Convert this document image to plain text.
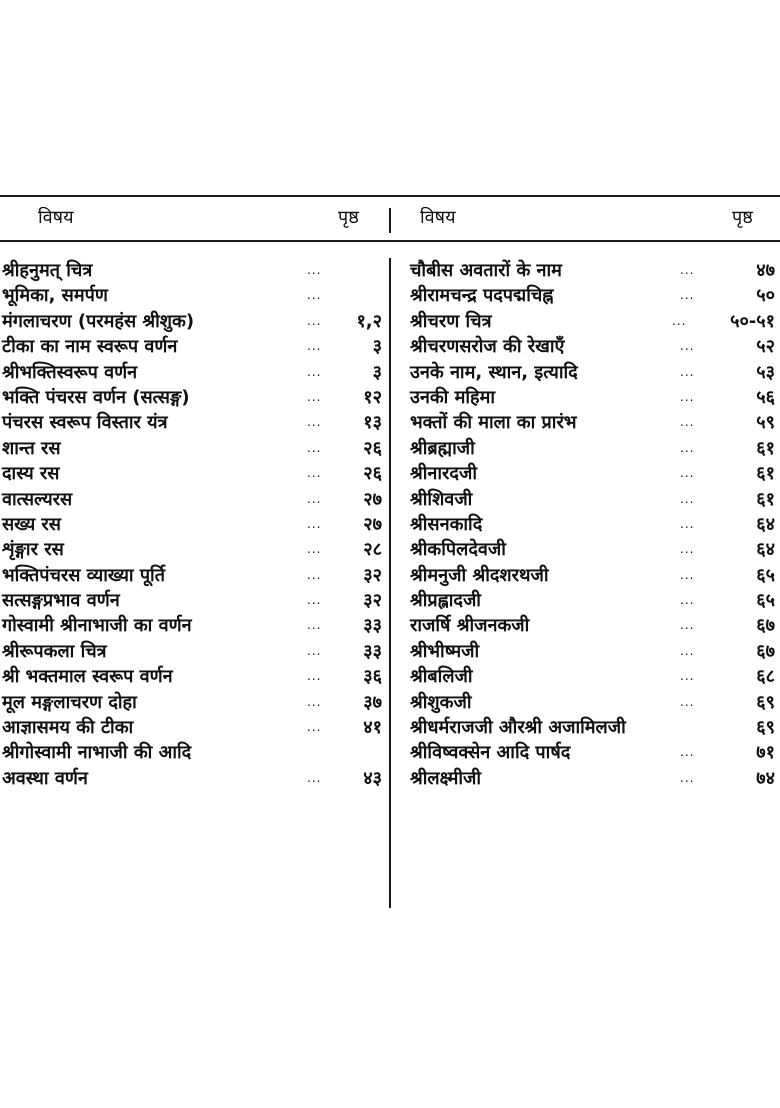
विषय	पृष्ठ	विषय	पृष्ठ
श्रीहनुमत् चित्र	...
भूमिका, समर्पण	...
मंगलाचरण (परमहंस श्रीशुक)	... १,२
टीका का नाम स्वरूप वर्णन	...	३
श्रीभक्तिस्वरूप वर्णन	...	३
भक्ति पंचरस वर्णन (सत्सङ्ग)	... १२
पंचरस स्वरूप विस्तार यंत्र	... १३
शान्त रस	... २६
दास्य रस	... २६
वात्सल्यरस	... २७
सख्य रस	... २७
शृंङ्गार रस	... २८
भक्तिपंचरस व्याख्या पूर्ति	... ३२
सत्सङ्गप्रभाव वर्णन	... ३२
गोस्वामी श्रीनाभाजी का वर्णन	... ३३
श्रीरूपकला चित्र	... ३३
श्री भक्तमाल स्वरूप वर्णन	... ३६
मूल मङ्गलाचरण दोहा	... ३७
आज्ञासमय की टीका	... ४१
श्रीगोस्वामी नाभाजी की आदि
अवस्था वर्णन	... ४३
चौबीस अवतारों के नाम	...	४७
श्रीरामचन्द्र पदपद्मचिह्न	...	५०
श्रीचरण चित्र	... ५०-५१
श्रीचरणसरोज की रेखाएँ	...	५२
उनके नाम, स्थान, इत्यादि	...	५३
उनकी महिमा	...	५६
भक्तों की माला का प्रारंभ	...	५९
श्रीब्रह्माजी	...	६१
श्रीनारदजी	...	६१
श्रीशिवजी	...	६१
श्रीसनकादि	...	६४
श्रीकपिलदेवजी	...	६४
श्रीमनुजी श्रीदशरथजी	...	६५
श्रीप्रह्लादजी	...	६५
राजर्षि श्रीजनकजी	...	६७
श्रीभीष्मजी	...	६७
श्रीबलिजी	...	६८
श्रीशुकजी	...	६९
श्रीधर्मराजजी औरश्री अजामिलजी	६९
श्रीविष्वक्सेन आदि पार्षद	...	७१
श्रीलक्ष्मीजी	...	७४
